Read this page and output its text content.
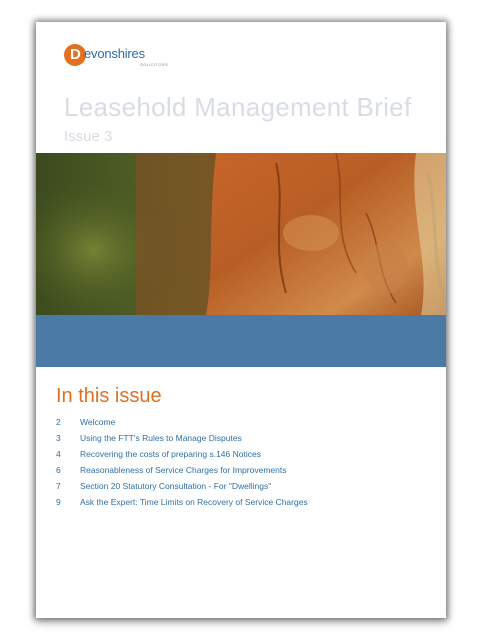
D evonshires
SOLICITORS
Leasehold Management Brief
Issue 3
In this issue
2	Welcome
3	Using the FTT's Rules to Manage Disputes
4	Recovering the costs of preparing s.146 Notices
6	Reasonableness of Service Charges for Improvements
7	Section 20 Statutory Consultation - For "Dwellings"
9	Ask the Expert: Time Limits on Recovery of Service Charges
